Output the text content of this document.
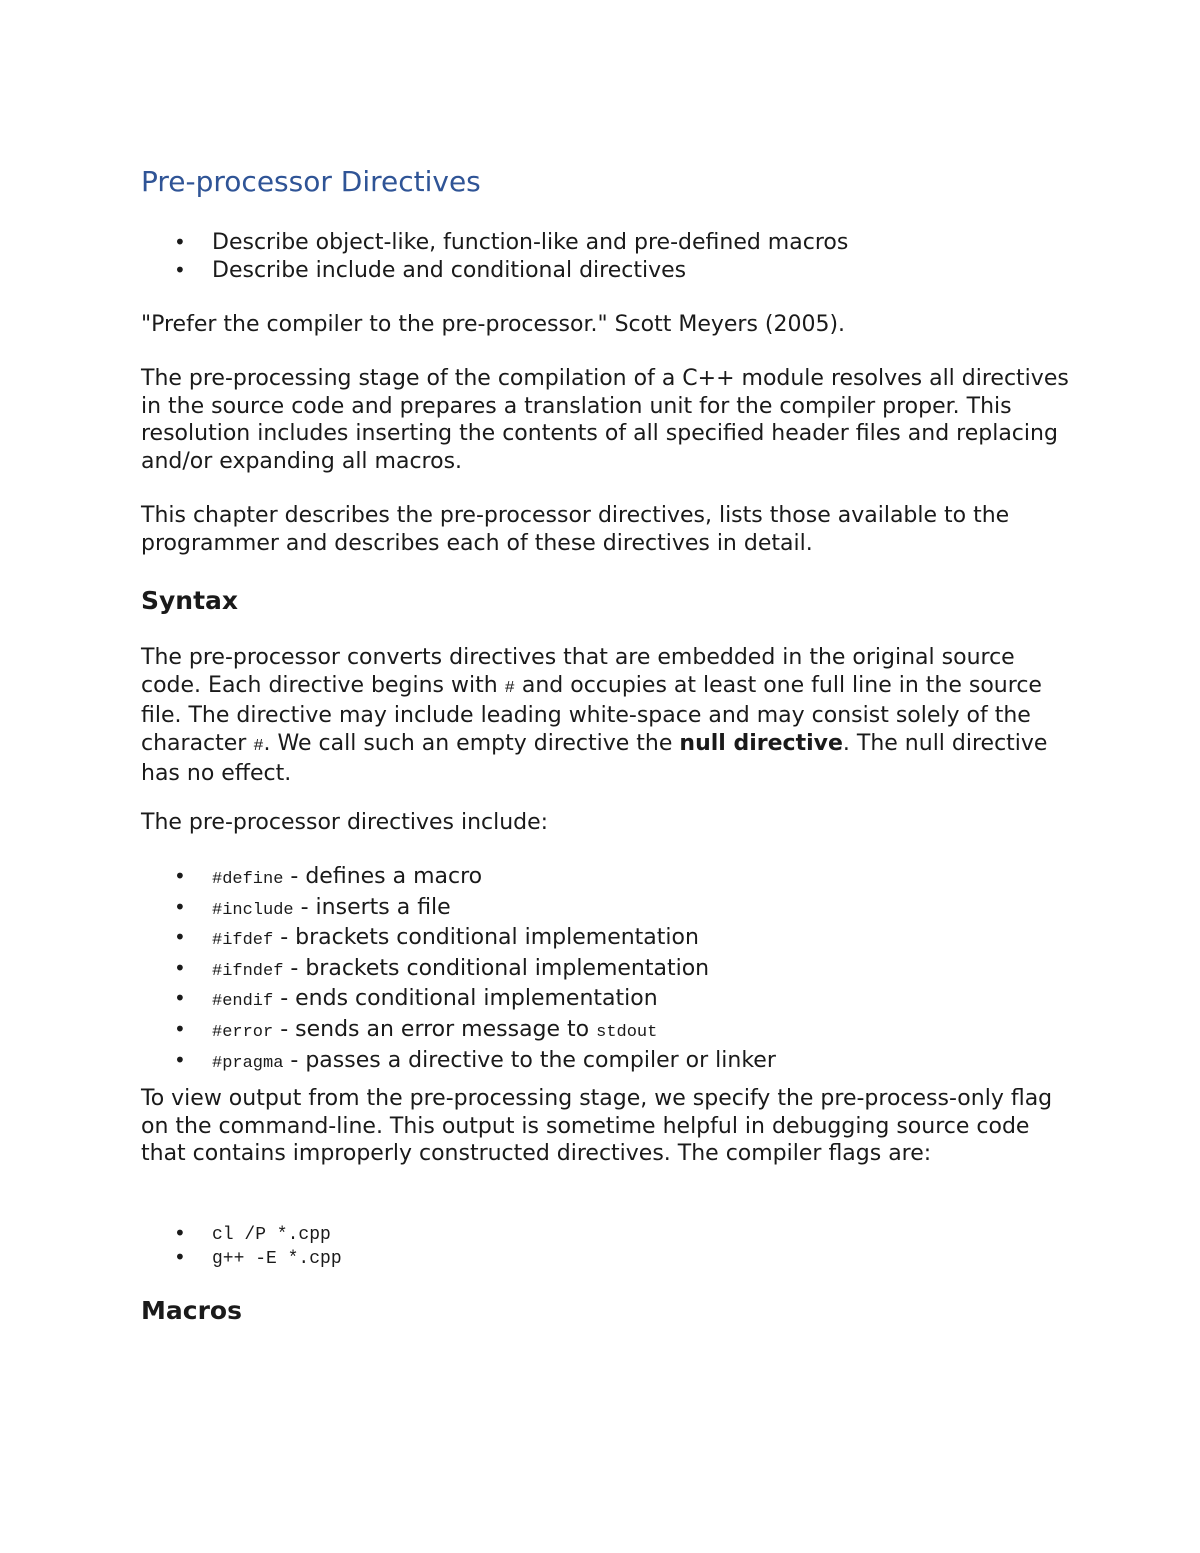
Pre-processor Directives
• Describe object-like, function-like and pre-defined macros
• Describe include and conditional directives

"Prefer the compiler to the pre-processor." Scott Meyers (2005).

The pre-processing stage of the compilation of a C++ module resolves all directives in the source code and prepares a translation unit for the compiler proper. This resolution includes inserting the contents of all specified header files and replacing and/or expanding all macros.

This chapter describes the pre-processor directives, lists those available to the programmer and describes each of these directives in detail.

Syntax

The pre-processor converts directives that are embedded in the original source code. Each directive begins with # and occupies at least one full line in the source file. The directive may include leading white-space and may consist solely of the character #. We call such an empty directive the null directive. The null directive has no effect.

The pre-processor directives include:

• #define - defines a macro
• #include - inserts a file
• #ifdef - brackets conditional implementation
• #ifndef - brackets conditional implementation
• #endif - ends conditional implementation
• #error - sends an error message to stdout
• #pragma - passes a directive to the compiler or linker

To view output from the pre-processing stage, we specify the pre-process-only flag on the command-line. This output is sometime helpful in debugging source code that contains improperly constructed directives. The compiler flags are:

• cl /P *.cpp
• g++ -E *.cpp
Macros
